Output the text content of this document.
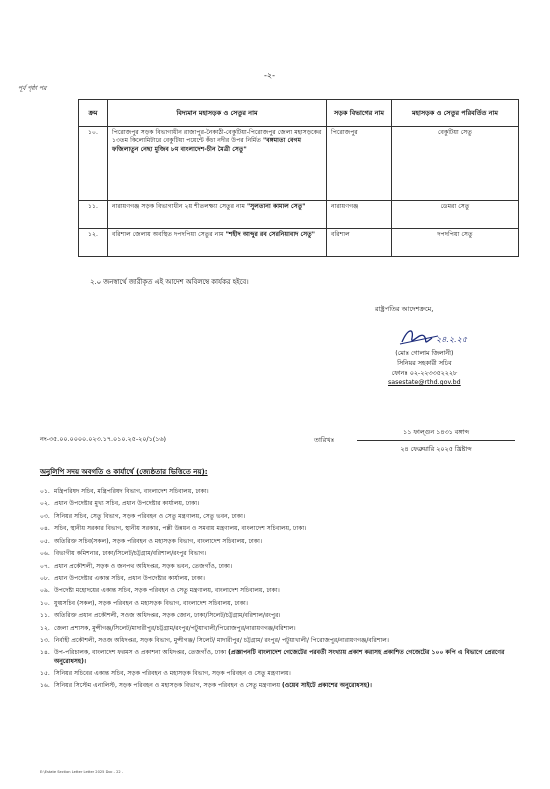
-২-
পূর্ব পৃষ্ঠা পর
ক্রম	বিদ্যমান মহাসড়ক ও সেতুর নাম	সড়ক বিভাগের নাম	মহাসড়ক ও সেতুর পরিবর্তিত নাম
১০.	পিরোজপুর সড়ক বিভাগাধীন রাজাপুর-নৈকাঠী-বেকুটিয়া-পিরোজপুর জেলা মহাসড়কের ১৩তম কিলোমিটারে বেকুটিয়া পয়েন্টে কঁচা নদীর উপর নির্মিত "বঙ্গমাতা বেগম ফজিলাতুন নেছা মুজিব ৮ম বাংলাদেশ-চীন মৈত্রী সেতু"	পিরোজপুর	বেকুটিয়া সেতু
১১.	নারায়ণগঞ্জ সড়ক বিভাগাধীন ২য় শীতলক্ষ্যা সেতুর নাম "সুলতানা কামাল সেতু"	নারায়ণগঞ্জ	ডেমরা সেতু
১২.	বরিশাল জেলায় অবস্থিত দপদপিয়া সেতুর নাম "শহীদ আব্দুর রব সেরনিয়াবাদ সেতু"	বরিশাল	দপদপিয়া সেতু
২.০ জনস্বার্থে জারীকৃত এই আদেশ অবিলম্বে কার্যকর হইবে।
রাষ্ট্রপতির আদেশক্রমে,
২৪.২.২৫
(মোঃ গোলাম জিলানী)
সিনিয়র সহকারী সচিব
ফোনঃ ০২-২২৩৩৫২২২৮
sasestate@rthd.gov.bd
নং-৩৫.০০.০০০০.০২৩.১৭.০১০.২৫-২০/১(১৬)	তারিখঃ
১১ ফাল্গুন ১৪৩১ বঙ্গাব্দ
২৪ ফেব্রুয়ারি ২০২৫ খ্রিষ্টাব্দ
অনুলিপি সদয় অবগতি ও কার্যার্থে (জ্যেষ্ঠতার ভিত্তিতে নয়):
০১. মন্ত্রিপরিষদ সচিব, মন্ত্রিপরিষদ বিভাগ, বাংলাদেশ সচিবালয়, ঢাকা।
০২. প্রধান উপদেষ্টার মুখ্য সচিব, প্রধান উপদেষ্টার কার্যালয়, ঢাকা।
০৩. সিনিয়র সচিব, সেতু বিভাগ, সড়ক পরিবহন ও সেতু মন্ত্রণালয়, সেতু ভবন, ঢাকা।
০৪. সচিব, স্থানীয় সরকার বিভাগ, স্থানীয় সরকার, পল্লী উন্নয়ন ও সমবায় মন্ত্রণালয়, বাংলাদেশ সচিবালয়, ঢাকা।
০৫. অতিরিক্ত সচিব(সকল), সড়ক পরিবহন ও মহাসড়ক বিভাগ, বাংলাদেশ সচিবালয়, ঢাকা।
০৬. বিভাগীয় কমিশনার, ঢাকা/সিলেট/চট্টগ্রাম/বরিশাল/রংপুর বিভাগ।
০৭. প্রধান প্রকৌশলী, সড়ক ও জনপথ অধিদপ্তর, সড়ক ভবন, তেজগাঁও, ঢাকা।
০৮. প্রধান উপদেষ্টার একান্ত সচিব, প্রধান উপদেষ্টার কার্যালয়, ঢাকা।
০৯. উপদেষ্টা মহোদয়ের একান্ত সচিব, সড়ক পরিবহন ও সেতু মন্ত্রণালয়, বাংলাদেশ সচিবালয়, ঢাকা।
১০. যুগ্মসচিব (সকল), সড়ক পরিবহন ও মহাসড়ক বিভাগ, বাংলাদেশ সচিবালয়, ঢাকা।
১১. অতিরিক্ত প্রধান প্রকৌশলী, সওজ অধিদপ্তর, সড়ক জোন, ঢাকা/সিলেট/চট্টগ্রাম/বরিশাল/রংপুর।
১২. জেলা প্রশাসক, মুন্সীগঞ্জ/সিলেট/মাদারীপুর/চট্টগ্রাম/রংপুর/পটুয়াখালী/পিরোজপুর/নারায়ণগঞ্জ/বরিশাল।
১৩. নির্বাহী প্রকৌশলী, সওজ অধিদপ্তর, সড়ক বিভাগ, মুন্সীগঞ্জ/ সিলেট/ মাদারীপুর/ চট্টগ্রাম/ রংপুর/ পটুয়াখালী/ পিরোজপুর/নারায়ণগঞ্জ/বরিশাল।
১৪. উপ-পরিচালক, বাংলাদেশ ফরমস ও প্রকাশনা অধিদপ্তর, তেজগাঁও, ঢাকা (প্রজ্ঞাপনটি বাংলাদেশ গেজেটের পরবর্তী সংখ্যায় প্রকাশ করাসহ প্রকাশিত গেজেটের ১০০ কপি এ বিভাগে প্রেরণের অনুরোধসহ)।
১৫. সিনিয়র সচিবের একান্ত সচিব, সড়ক পরিবহন ও মহাসড়ক বিভাগ, সড়ক পরিবহন ও সেতু মন্ত্রণালয়।
১৬. সিনিয়র সিস্টেম এনালিস্ট, সড়ক পরিবহন ও মহাসড়ক বিভাগ, সড়ক পরিবহন ও সেতু মন্ত্রণালয় (ওয়েব সাইটে প্রকাশের অনুরোধসহ)।
E:\Estate Section Letter Letter 2025 Doc - 22 -
